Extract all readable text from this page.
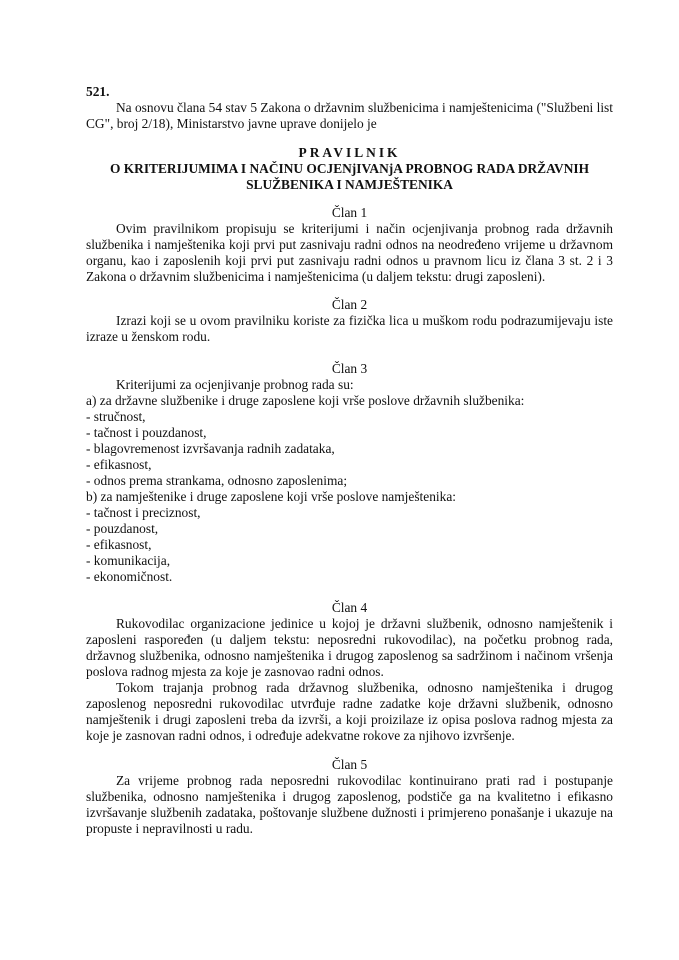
521.
Na osnovu člana 54 stav 5 Zakona o državnim službenicima i namještenicima ("Službeni list
CG", broj 2/18), Ministarstvo javne uprave donijelo je
PRAVILNIK
O KRITERIJUMIMA I NAČINU OCJENjIVANjA PROBNOG RADA DRŽAVNIH
SLUŽBENIKA I NAMJEŠTENIKA
Član 1
Ovim pravilnikom propisuju se kriterijumi i način ocjenjivanja probnog rada državnih
službenika i namještenika koji prvi put zasnivaju radni odnos na neodređeno vrijeme u državnom
organu, kao i zaposlenih koji prvi put zasnivaju radni odnos u pravnom licu iz člana 3 st. 2 i 3
Zakona o državnim službenicima i namještenicima (u daljem tekstu: drugi zaposleni).
Član 2
Izrazi koji se u ovom pravilniku koriste za fizička lica u muškom rodu podrazumijevaju iste
izraze u ženskom rodu.
Član 3
Kriterijumi za ocjenjivanje probnog rada su:
a) za državne službenike i druge zaposlene koji vrše poslove državnih službenika:
- stručnost,
- tačnost i pouzdanost,
- blagovremenost izvršavanja radnih zadataka,
- efikasnost,
- odnos prema strankama, odnosno zaposlenima;
b) za namještenike i druge zaposlene koji vrše poslove namještenika:
- tačnost i preciznost,
- pouzdanost,
- efikasnost,
- komunikacija,
- ekonomičnost.
Član 4
Rukovodilac organizacione jedinice u kojoj je državni službenik, odnosno namještenik i
zaposleni raspoređen (u daljem tekstu: neposredni rukovodilac), na početku probnog rada,
državnog službenika, odnosno namještenika i drugog zaposlenog sa sadržinom i načinom vršenja
poslova radnog mjesta za koje je zasnovao radni odnos.
Tokom trajanja probnog rada državnog službenika, odnosno namještenika i drugog
zaposlenog neposredni rukovodilac utvrđuje radne zadatke koje državni službenik, odnosno
namještenik i drugi zaposleni treba da izvrši, a koji proizilaze iz opisa poslova radnog mjesta za
koje je zasnovan radni odnos, i određuje adekvatne rokove za njihovo izvršenje.
Član 5
Za vrijeme probnog rada neposredni rukovodilac kontinuirano prati rad i postupanje
službenika, odnosno namještenika i drugog zaposlenog, podstiče ga na kvalitetno i efikasno
izvršavanje službenih zadataka, poštovanje službene dužnosti i primjereno ponašanje i ukazuje na
propuste i nepravilnosti u radu.
